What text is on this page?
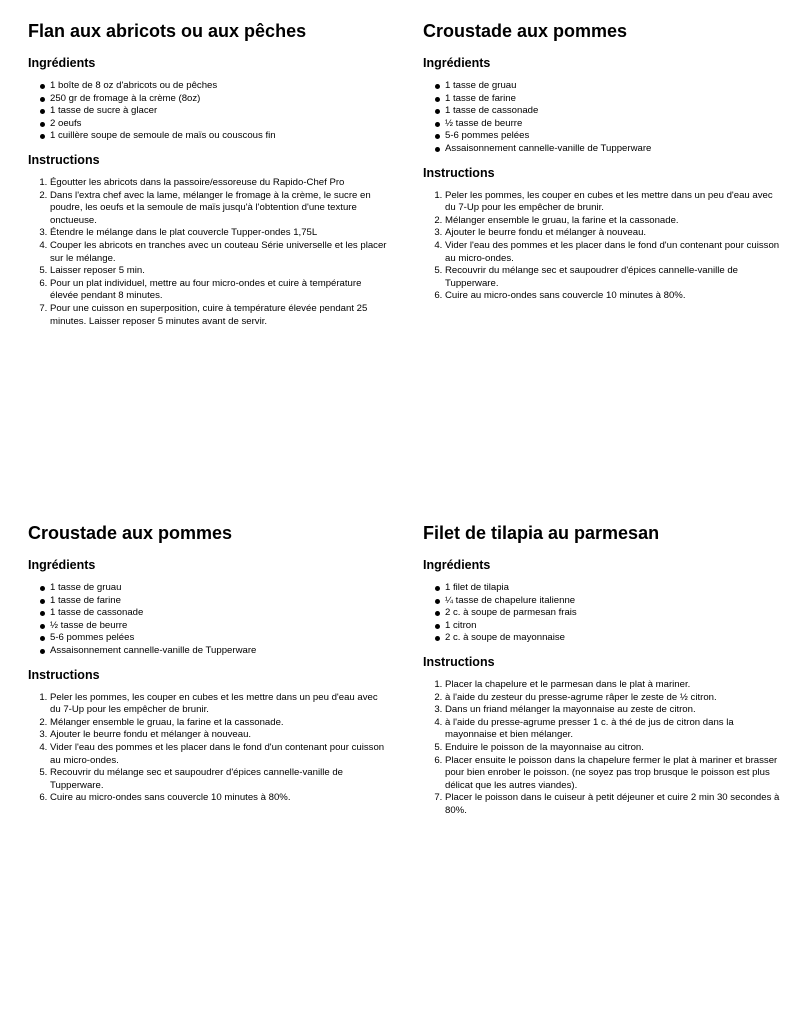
Flan aux abricots ou aux pêches
Ingrédients
1 boîte de 8 oz d'abricots ou de pêches
250 gr de fromage à la crème (8oz)
1 tasse de sucre à glacer
2 oeufs
1 cuillère soupe de semoule de maïs ou couscous fin
Instructions
1. Égoutter les abricots dans la passoire/essoreuse du Rapido-Chef Pro
2. Dans l'extra chef avec la lame, mélanger le fromage à la crème, le sucre en poudre, les oeufs et la semoule de maïs jusqu'à l'obtention d'une texture onctueuse.
3. Étendre le mélange dans le plat couvercle Tupper-ondes 1,75L
4. Couper les abricots en tranches avec un couteau Série universelle et les placer sur le mélange.
5. Laisser reposer 5 min.
6. Pour un plat individuel, mettre au four micro-ondes et cuire à température élevée pendant 8 minutes.
7. Pour une cuisson en superposition, cuire à température élevée pendant 25 minutes. Laisser reposer 5 minutes avant de servir.
Croustade aux pommes
Ingrédients
1 tasse de gruau
1 tasse de farine
1 tasse de cassonade
½ tasse de beurre
5-6 pommes pelées
Assaisonnement cannelle-vanille de Tupperware
Instructions
1. Peler les pommes, les couper en cubes et les mettre dans un peu d'eau avec du 7-Up pour les empêcher de brunir.
2. Mélanger ensemble le gruau, la farine et la cassonade.
3. Ajouter le beurre fondu et mélanger à nouveau.
4. Vider l'eau des pommes et les placer dans le fond d'un contenant pour cuisson au micro-ondes.
5. Recouvrir du mélange sec et saupoudrer d'épices cannelle-vanille de Tupperware.
6. Cuire au micro-ondes sans couvercle 10 minutes à 80%.
Croustade aux pommes
Ingrédients
1 tasse de gruau
1 tasse de farine
1 tasse de cassonade
½ tasse de beurre
5-6 pommes pelées
Assaisonnement cannelle-vanille de Tupperware
Instructions
1. Peler les pommes, les couper en cubes et les mettre dans un peu d'eau avec du 7-Up pour les empêcher de brunir.
2. Mélanger ensemble le gruau, la farine et la cassonade.
3. Ajouter le beurre fondu et mélanger à nouveau.
4. Vider l'eau des pommes et les placer dans le fond d'un contenant pour cuisson au micro-ondes.
5. Recouvrir du mélange sec et saupoudrer d'épices cannelle-vanille de Tupperware.
6. Cuire au micro-ondes sans couvercle 10 minutes à 80%.
Filet de tilapia au parmesan
Ingrédients
1 filet de tilapia
¼ tasse de chapelure italienne
2 c. à soupe de parmesan frais
1 citron
2 c. à soupe de mayonnaise
Instructions
1. Placer la chapelure et le parmesan dans le plat à mariner.
2. à l'aide du zesteur du presse-agrume râper le zeste de ½ citron.
3. Dans un friand mélanger la mayonnaise au zeste de citron.
4. à l'aide du presse-agrume presser 1 c. à thé de jus de citron dans la mayonnaise et bien mélanger.
5. Enduire le poisson de la mayonnaise au citron.
6. Placer ensuite le poisson dans la chapelure fermer le plat à mariner et brasser pour bien enrober le poisson. (ne soyez pas trop brusque le poisson est plus délicat que les autres viandes).
7. Placer le poisson dans le cuiseur à petit déjeuner et cuire 2 min 30 secondes à 80%.
